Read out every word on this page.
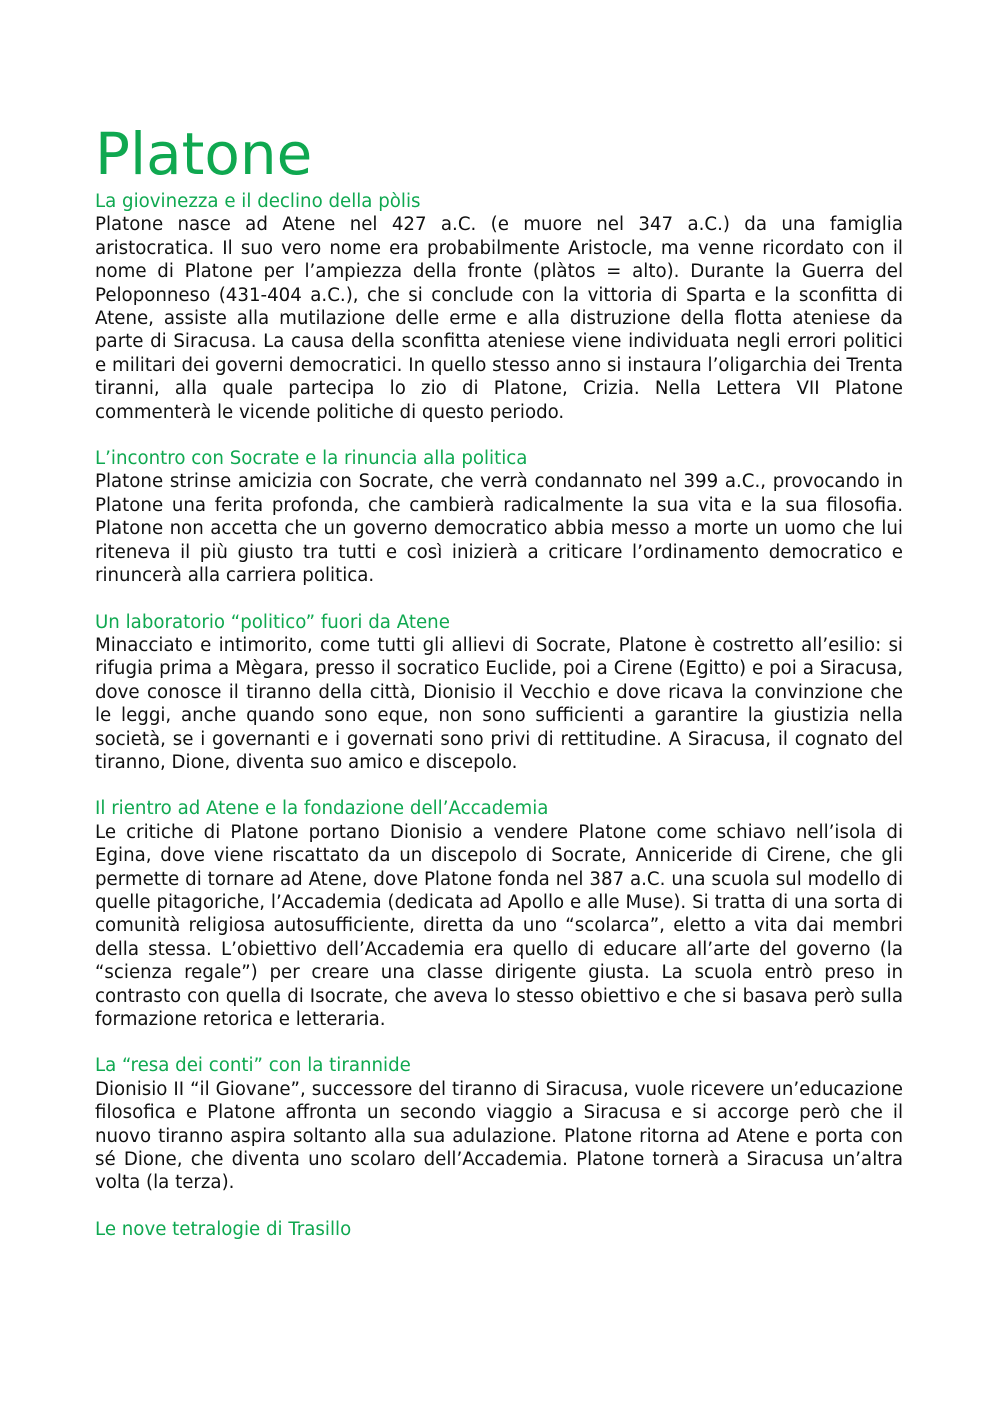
Platone
La giovinezza e il declino della pòlis

Platone nasce ad Atene nel 427 a.C. (e muore nel 347 a.C.) da una famiglia aristocratica. Il suo vero nome era probabilmente Aristocle, ma venne ricordato con il nome di Platone per l’ampiezza della fronte (plàtos = alto). Durante la Guerra del Peloponneso (431-404 a.C.), che si conclude con la vittoria di Sparta e la sconfitta di Atene, assiste alla mutilazione delle erme e alla distruzione della flotta ateniese da parte di Siracusa. La causa della sconfitta ateniese viene individuata negli errori politici e militari dei governi democratici. In quello stesso anno si instaura l’oligarchia dei Trenta tiranni, alla quale partecipa lo zio di Platone, Crizia. Nella Lettera VII Platone commenterà le vicende politiche di questo periodo.

L’incontro con Socrate e la rinuncia alla politica

Platone strinse amicizia con Socrate, che verrà condannato nel 399 a.C., provocando in Platone una ferita profonda, che cambierà radicalmente la sua vita e la sua filosofia. Platone non accetta che un governo democratico abbia messo a morte un uomo che lui riteneva il più giusto tra tutti e così inizierà a criticare l’ordinamento democratico e rinuncerà alla carriera politica.

Un laboratorio “politico” fuori da Atene

Minacciato e intimorito, come tutti gli allievi di Socrate, Platone è costretto all’esilio: si rifugia prima a Mègara, presso il socratico Euclide, poi a Cirene (Egitto) e poi a Siracusa, dove conosce il tiranno della città, Dionisio il Vecchio e dove ricava la convinzione che le leggi, anche quando sono eque, non sono sufficienti a garantire la giustizia nella società, se i governanti e i governati sono privi di rettitudine. A Siracusa, il cognato del tiranno, Dione, diventa suo amico e discepolo.

Il rientro ad Atene e la fondazione dell’Accademia

Le critiche di Platone portano Dionisio a vendere Platone come schiavo nell’isola di Egina, dove viene riscattato da un discepolo di Socrate, Anniceride di Cirene, che gli permette di tornare ad Atene, dove Platone fonda nel 387 a.C. una scuola sul modello di quelle pitagoriche, l’Accademia (dedicata ad Apollo e alle Muse). Si tratta di una sorta di comunità religiosa autosufficiente, diretta da uno “scolarca”, eletto a vita dai membri della stessa. L’obiettivo dell’Accademia era quello di educare all’arte del governo (la “scienza regale”) per creare una classe dirigente giusta. La scuola entrò preso in contrasto con quella di Isocrate, che aveva lo stesso obiettivo e che si basava però sulla formazione retorica e letteraria.

La “resa dei conti” con la tirannide

Dionisio II “il Giovane”, successore del tiranno di Siracusa, vuole ricevere un’educazione filosofica e Platone affronta un secondo viaggio a Siracusa e si accorge però che il nuovo tiranno aspira soltanto alla sua adulazione. Platone ritorna ad Atene e porta con sé Dione, che diventa uno scolaro dell’Accademia. Platone tornerà a Siracusa un’altra volta (la terza).

Le nove tetralogie di Trasillo
